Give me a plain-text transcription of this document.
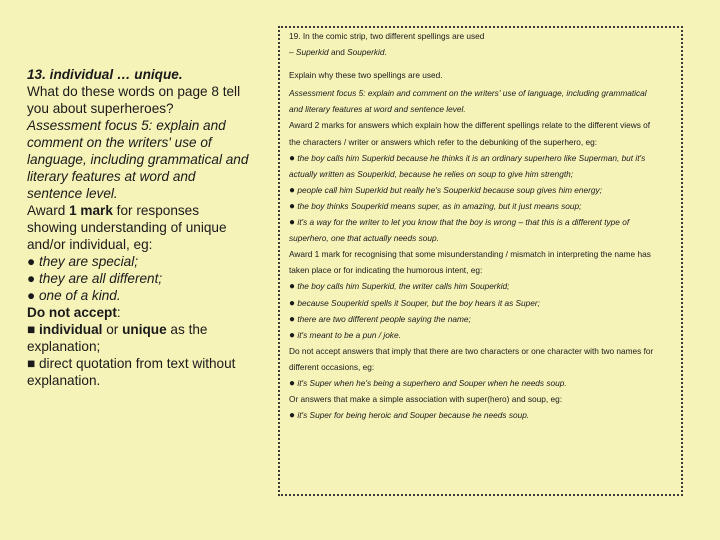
13. individual … unique.

What do these words on page 8 tell you about superheroes?

Assessment focus 5: explain and comment on the writers' use of language, including grammatical and literary features at word and sentence level.

Award 1 mark for responses showing understanding of unique and/or individual, eg:

● they are special;

● they are all different;

● one of a kind.

Do not accept:

■ individual or unique as the explanation;

■ direct quotation from text without explanation.

19. In the comic strip, two different spellings are used

– Superkid and Souperkid.

Explain why these two spellings are used.

Assessment focus 5: explain and comment on the writers' use of language, including grammatical

and literary features at word and sentence level.

Award 2 marks for answers which explain how the different spellings relate to the different views of

the characters / writer or answers which refer to the debunking of the superhero, eg:

● the boy calls him Superkid because he thinks it is an ordinary superhero like Superman, but it's

actually written as Souperkid, because he relies on soup to give him strength;

● people call him Superkid but really he's Souperkid because soup gives him energy;

● the boy thinks Souperkid means super, as in amazing, but it just means soup;

● it's a way for the writer to let you know that the boy is wrong – that this is a different type of

superhero, one that actually needs soup.

Award 1 mark for recognising that some misunderstanding / mismatch in interpreting the name has

taken place or for indicating the humorous intent, eg:

● the boy calls him Superkid, the writer calls him Souperkid;

● because Souperkid spells it Souper, but the boy hears it as Super;

● there are two different people saying the name;

● it's meant to be a pun / joke.

Do not accept answers that imply that there are two characters or one character with two names for

different occasions, eg:

● it's Super when he's being a superhero and Souper when he needs soup.

Or answers that make a simple association with super(hero) and soup, eg:

● it's Super for being heroic and Souper because he needs soup.
